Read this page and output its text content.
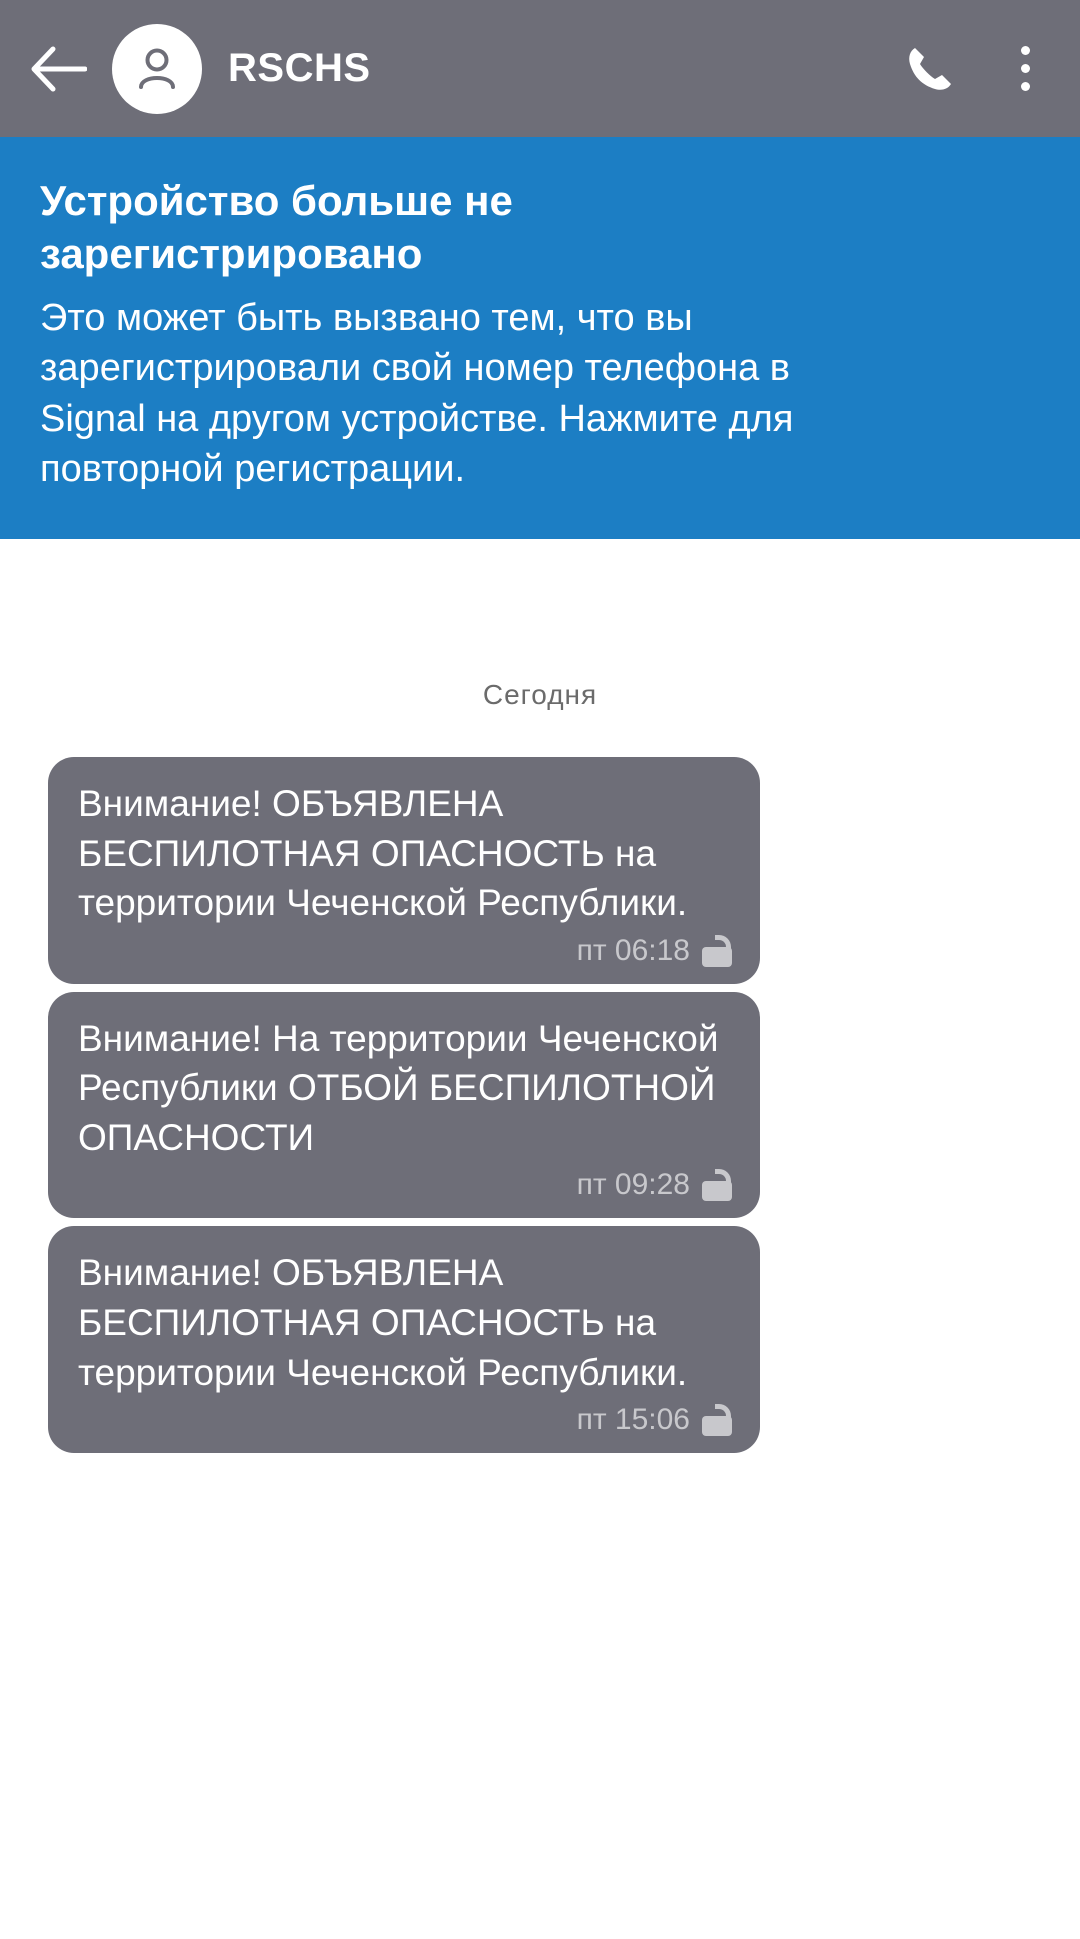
RSCHS
Устройство больше не зарегистрировано
Это может быть вызвано тем, что вы зарегистрировали свой номер телефона в Signal на другом устройстве. Нажмите для повторной регистрации.
Сегодня
Внимание! ОБЪЯВЛЕНА БЕСПИЛОТНАЯ ОПАСНОСТЬ на территории Чеченской Республики.
пт 06:18
Внимание! На территории Чеченской Республики ОТБОЙ БЕСПИЛОТНОЙ ОПАСНОСТИ
пт 09:28
Внимание! ОБЪЯВЛЕНА БЕСПИЛОТНАЯ ОПАСНОСТЬ на территории Чеченской Республики.
пт 15:06
